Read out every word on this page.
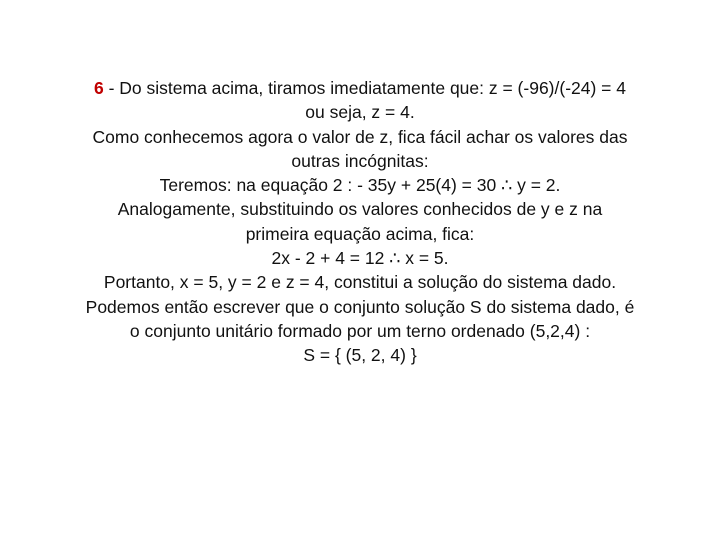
6 - Do sistema acima, tiramos imediatamente que: z = (-96)/(-24) = 4
ou seja, z = 4.
Como conhecemos agora o valor de z, fica fácil achar os valores das
outras incógnitas:
Teremos: na equação 2 : - 35y + 25(4) = 30 ∴ y = 2.
Analogamente, substituindo os valores conhecidos de y e z na
primeira equação acima, fica:
2x - 2 + 4 = 12 ∴ x = 5.
Portanto, x = 5, y = 2 e z = 4, constitui a solução do sistema dado.
Podemos então escrever que o conjunto solução S do sistema dado, é
o conjunto unitário formado por um terno ordenado (5,2,4) :
S = { (5, 2, 4) }
